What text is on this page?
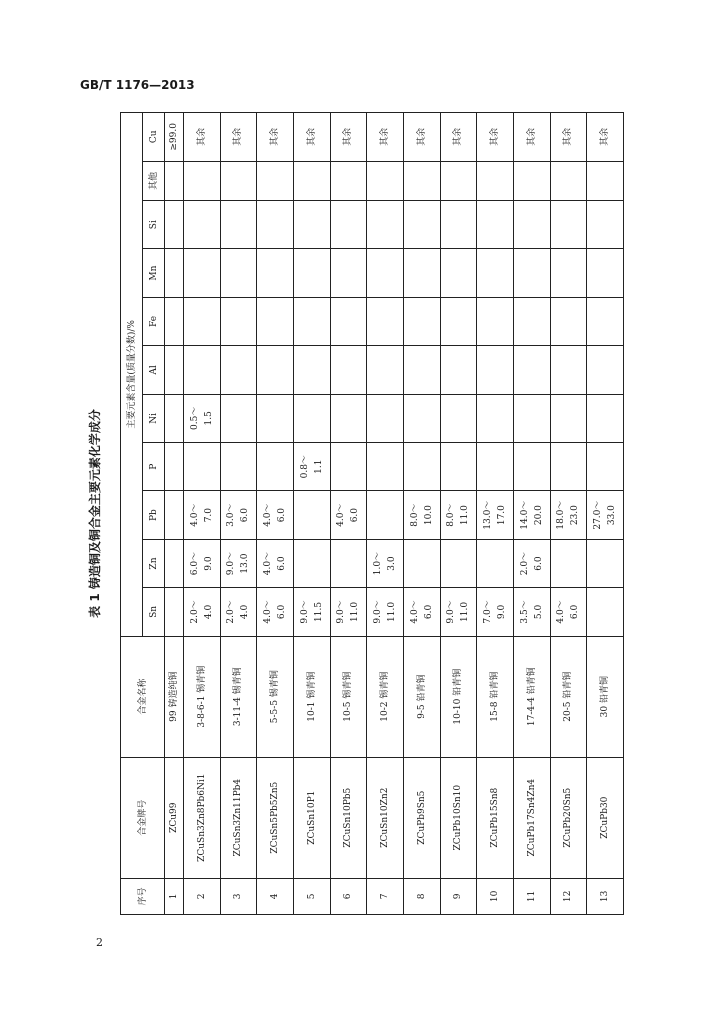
GB/T 1176—2013
表 1 铸造铜及铜合金主要元素化学成分
序号	合金牌号	合金名称	主要元素含量(质量分数)/%										
			Sn	Zn	Pb	P	Ni	Al	Fe	Mn	Si	其他	Cu
1	ZCu99	99 铸造纯铜											≥99.0
2	ZCuSn3Zn8Pb6Ni1	3-8-6-1 锡青铜	2.0～
4.0	6.0～
9.0	4.0～
7.0		0.5～
1.5						其余
3	ZCuSn3Zn11Pb4	3-11-4 锡青铜	2.0～
4.0	9.0～
13.0	3.0～
6.0								其余
4	ZCuSn5Pb5Zn5	5-5-5 锡青铜	4.0～
6.0	4.0～
6.0	4.0～
6.0								其余
5	ZCuSn10P1	10-1 锡青铜	9.0～
11.5			0.8～
1.1							其余
6	ZCuSn10Pb5	10-5 锡青铜	9.0～
11.0		4.0～
6.0								其余
7	ZCuSn10Zn2	10-2 锡青铜	9.0～
11.0	1.0～
3.0									其余
8	ZCuPb9Sn5	9-5 铅青铜	4.0～
6.0		8.0～
10.0								其余
9	ZCuPb10Sn10	10-10 铅青铜	9.0～
11.0		8.0～
11.0								其余
10	ZCuPb15Sn8	15-8 铅青铜	7.0～
9.0		13.0～
17.0								其余
11	ZCuPb17Sn4Zn4	17-4-4 铅青铜	3.5～
5.0	2.0～
6.0	14.0～
20.0								其余
12	ZCuPb20Sn5	20-5 铅青铜	4.0～
6.0		18.0～
23.0								其余
13	ZCuPb30	30 铅青铜			27.0～
33.0								其余
2
